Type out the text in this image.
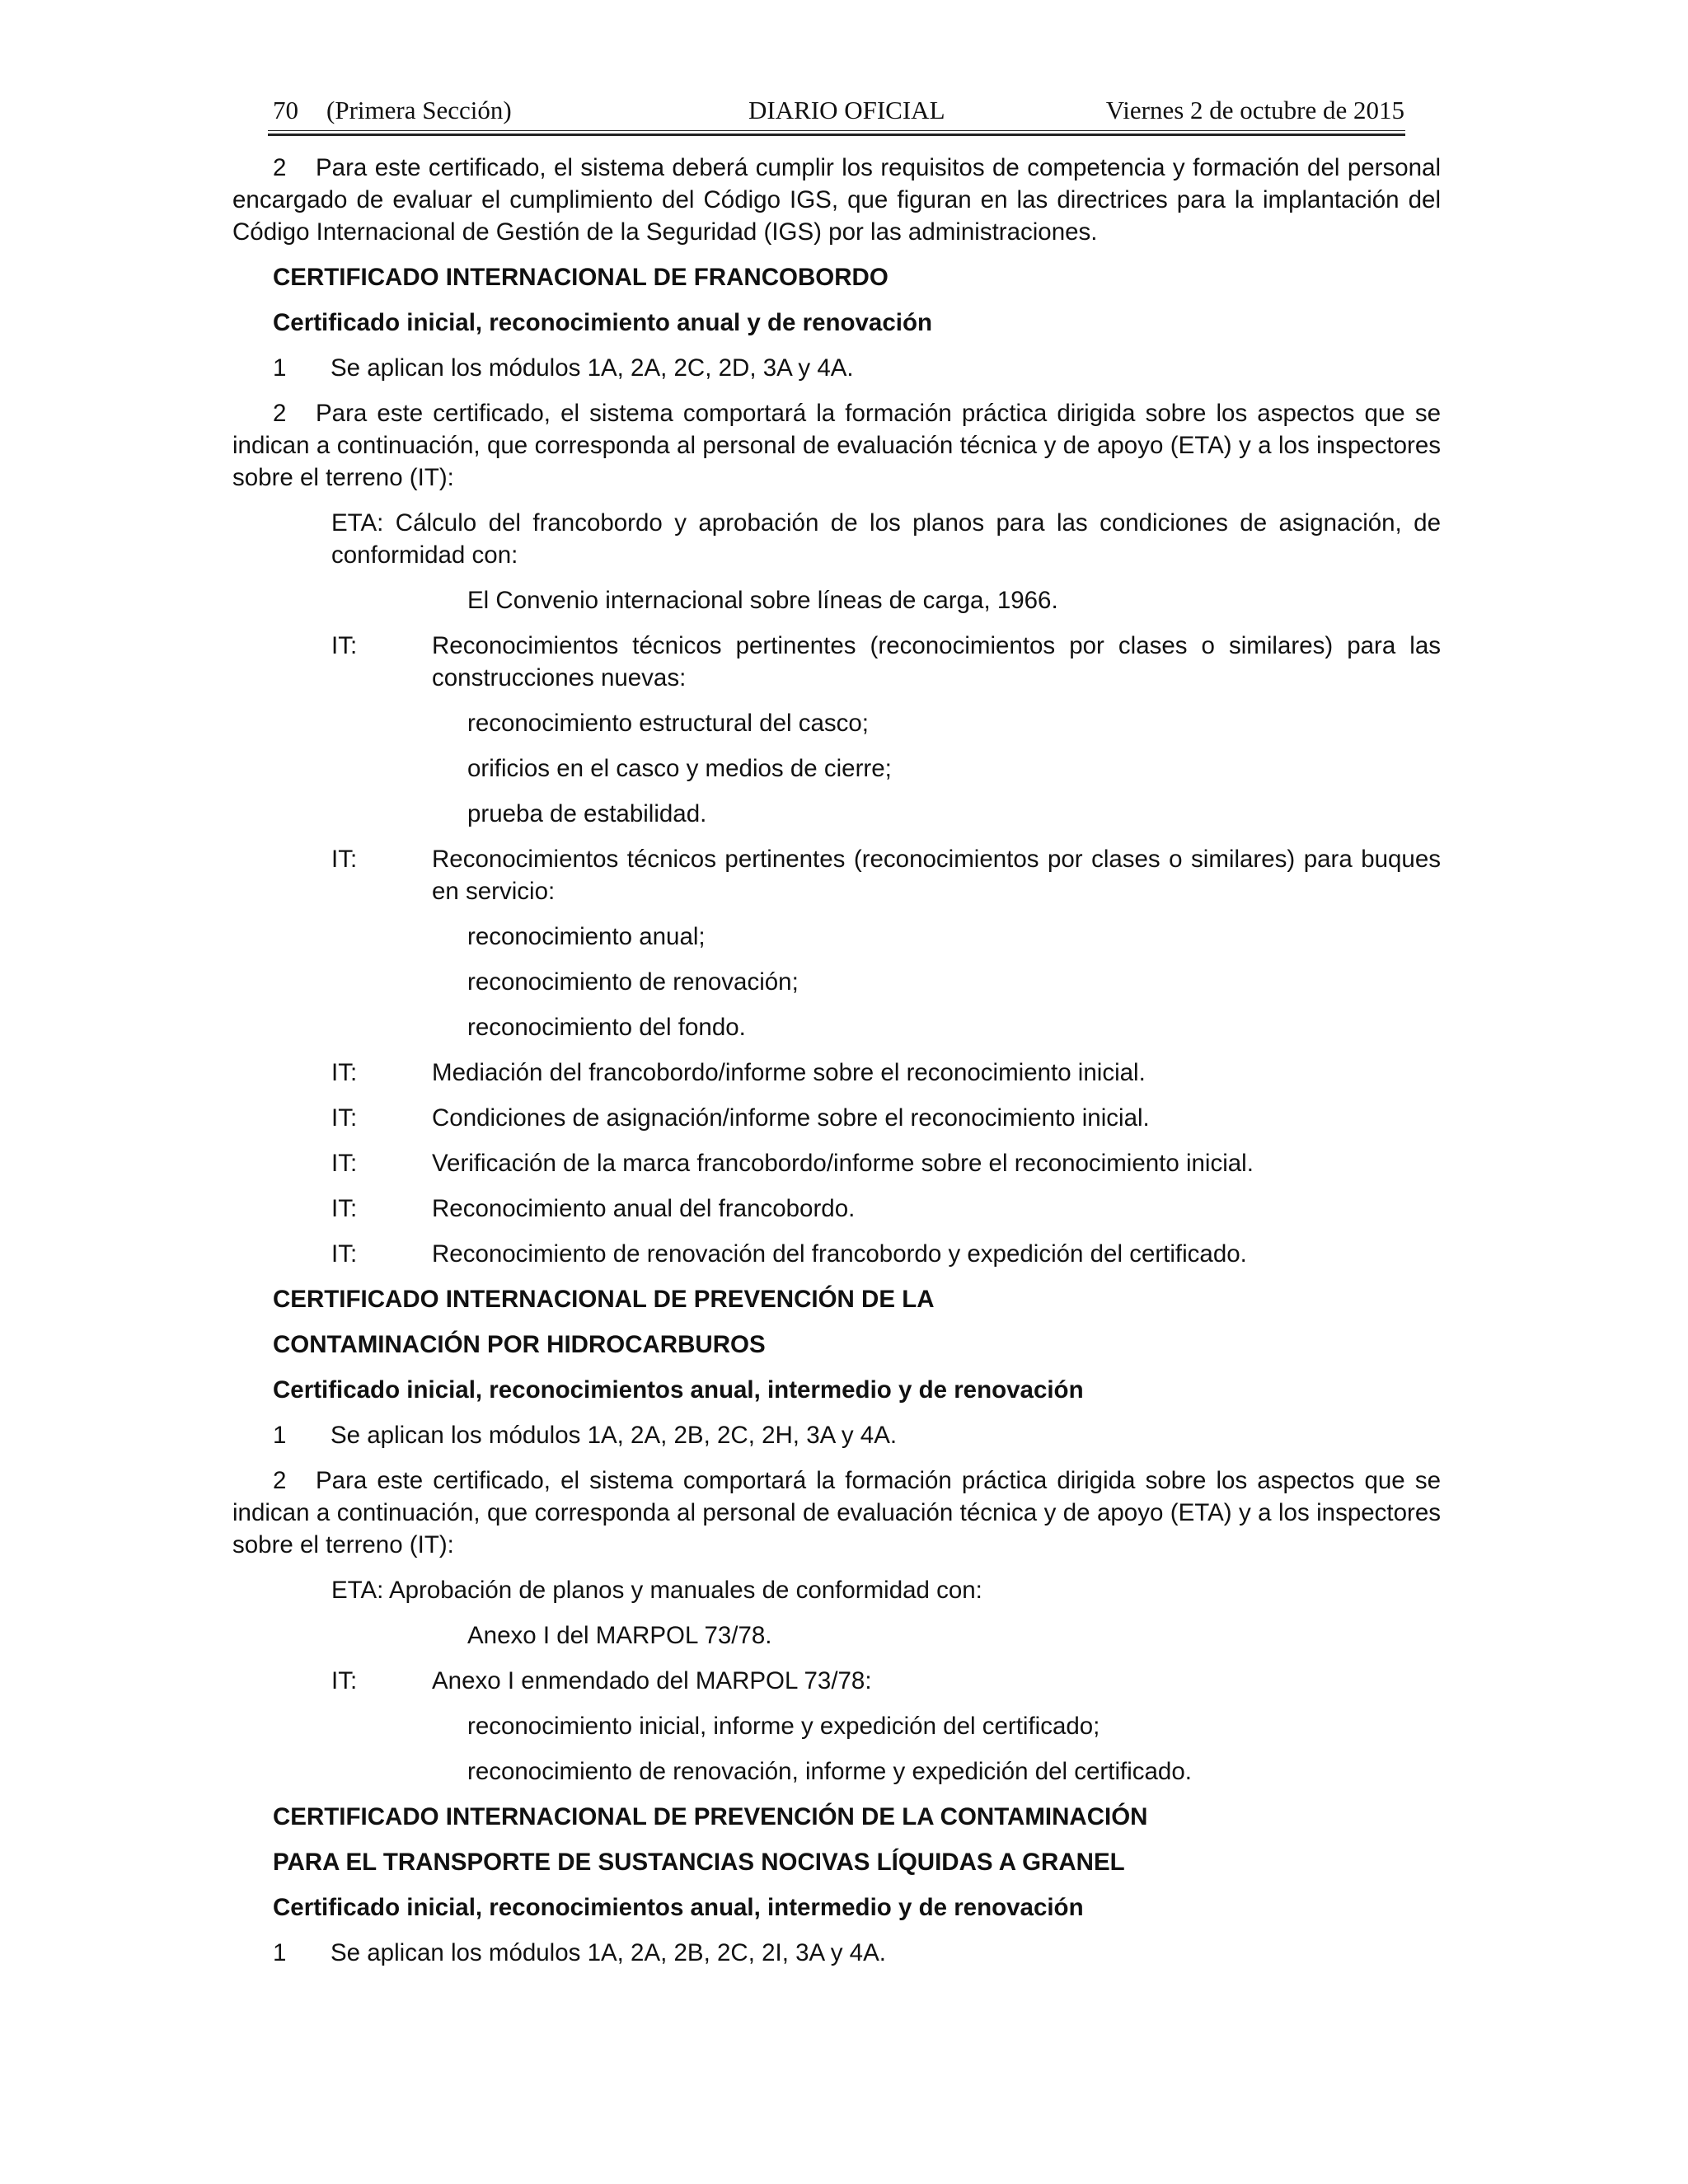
70 (Primera Sección)	DIARIO OFICIAL	Viernes 2 de octubre de 2015

2 Para este certificado, el sistema deberá cumplir los requisitos de competencia y formación del personal encargado de evaluar el cumplimiento del Código IGS, que figuran en las directrices para la implantación del Código Internacional de Gestión de la Seguridad (IGS) por las administraciones.

CERTIFICADO INTERNACIONAL DE FRANCOBORDO
Certificado inicial, reconocimiento anual y de renovación
1	Se aplican los módulos 1A, 2A, 2C, 2D, 3A y 4A.

2 Para este certificado, el sistema comportará la formación práctica dirigida sobre los aspectos que se indican a continuación, que corresponda al personal de evaluación técnica y de apoyo (ETA) y a los inspectores sobre el terreno (IT):

ETA: Cálculo del francobordo y aprobación de los planos para las condiciones de asignación, de conformidad con:
El Convenio internacional sobre líneas de carga, 1966.
IT:	Reconocimientos técnicos pertinentes (reconocimientos por clases o similares) para las construcciones nuevas:
reconocimiento estructural del casco;
orificios en el casco y medios de cierre;
prueba de estabilidad.
IT:	Reconocimientos técnicos pertinentes (reconocimientos por clases o similares) para buques en servicio:
reconocimiento anual;
reconocimiento de renovación;
reconocimiento del fondo.
IT:	Mediación del francobordo/informe sobre el reconocimiento inicial.
IT:	Condiciones de asignación/informe sobre el reconocimiento inicial.
IT:	Verificación de la marca francobordo/informe sobre el reconocimiento inicial.
IT:	Reconocimiento anual del francobordo.
IT:	Reconocimiento de renovación del francobordo y expedición del certificado.
CERTIFICADO INTERNACIONAL DE PREVENCIÓN DE LA
CONTAMINACIÓN POR HIDROCARBUROS
Certificado inicial, reconocimientos anual, intermedio y de renovación
1	Se aplican los módulos 1A, 2A, 2B, 2C, 2H, 3A y 4A.

2 Para este certificado, el sistema comportará la formación práctica dirigida sobre los aspectos que se indican a continuación, que corresponda al personal de evaluación técnica y de apoyo (ETA) y a los inspectores sobre el terreno (IT):

ETA: Aprobación de planos y manuales de conformidad con:
Anexo I del MARPOL 73/78.
IT:	Anexo I enmendado del MARPOL 73/78:
reconocimiento inicial, informe y expedición del certificado;
reconocimiento de renovación, informe y expedición del certificado.
CERTIFICADO INTERNACIONAL DE PREVENCIÓN DE LA CONTAMINACIÓN
PARA EL TRANSPORTE DE SUSTANCIAS NOCIVAS LÍQUIDAS A GRANEL
Certificado inicial, reconocimientos anual, intermedio y de renovación
1	Se aplican los módulos 1A, 2A, 2B, 2C, 2I, 3A y 4A.
